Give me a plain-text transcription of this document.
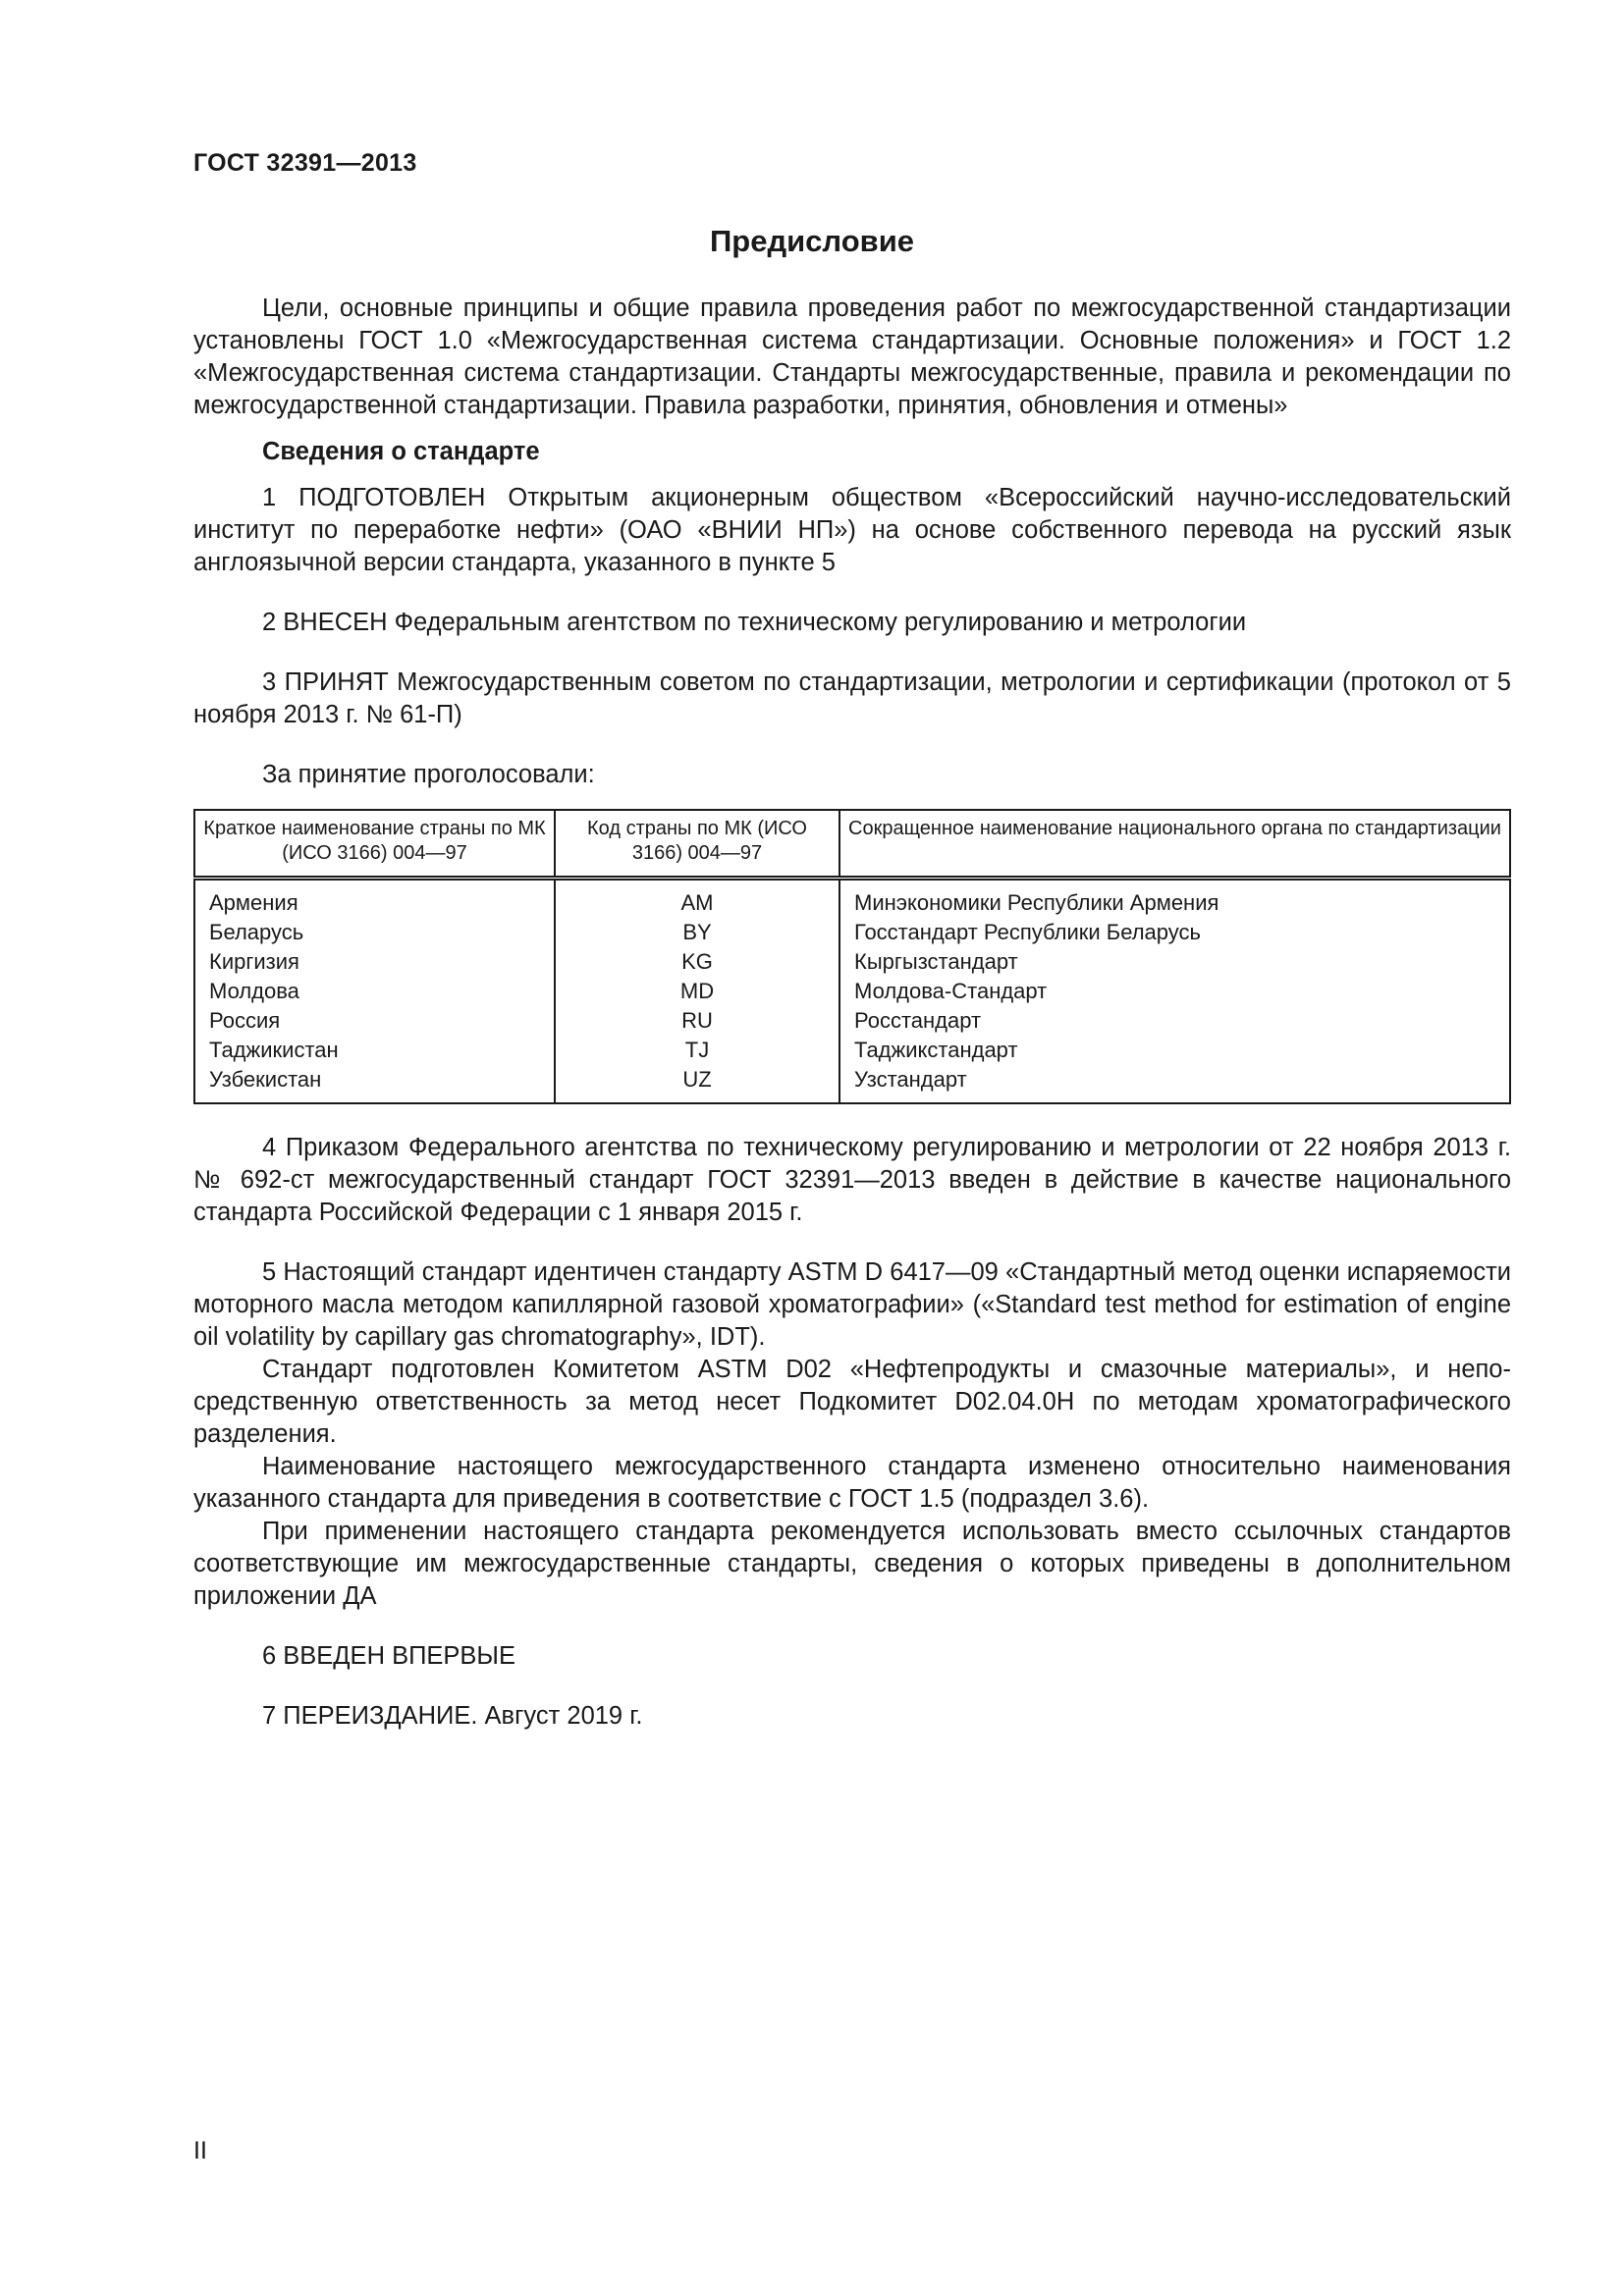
ГОСТ 32391—2013
Предисловие

Цели, основные принципы и общие правила проведения работ по межгосударственной стандартизации установлены ГОСТ 1.0 «Межгосударственная система стандартизации. Основные положения» и ГОСТ 1.2 «Межгосударственная система стандартизации. Стандарты межгосударственные, правила и рекомендации по межгосударственной стандартизации. Правила разработки, принятия, обновления и отмены»

Сведения о стандарте

1 ПОДГОТОВЛЕН Открытым акционерным обществом «Всероссийский научно-исследовательский институт по переработке нефти» (ОАО «ВНИИ НП») на основе собственного перевода на русский язык англоязычной версии стандарта, указанного в пункте 5

2 ВНЕСЕН Федеральным агентством по техническому регулированию и метрологии

3 ПРИНЯТ Межгосударственным советом по стандартизации, метрологии и сертификации (протокол от 5 ноября 2013 г. № 61-П)

За принятие проголосовали:

Краткое наименование страны по МК (ИСО 3166) 004—97	Код страны по МК (ИСО 3166) 004—97	Сокращенное наименование национального органа по стандартизации
Армения	AM	Минэкономики Республики Армения
Беларусь	BY	Госстандарт Республики Беларусь
Киргизия	KG	Кыргызстандарт
Молдова	MD	Молдова-Стандарт
Россия	RU	Росстандарт
Таджикистан	TJ	Таджикстандарт
Узбекистан	UZ	Узстандарт

4 Приказом Федерального агентства по техническому регулированию и метрологии от 22 ноября 2013 г. № 692-ст межгосударственный стандарт ГОСТ 32391—2013 введен в действие в качестве национального стандарта Российской Федерации с 1 января 2015 г.

5 Настоящий стандарт идентичен стандарту ASTM D 6417—09 «Стандартный метод оценки испаряемости моторного масла методом капиллярной газовой хроматографии» («Standard test method for estimation of engine oil volatility by capillary gas chromatography», IDT).

Стандарт подготовлен Комитетом ASTM D02 «Нефтепродукты и смазочные материалы», и непосредственную ответственность за метод несет Подкомитет D02.04.0H по методам хроматографического разделения.

Наименование настоящего межгосударственного стандарта изменено относительно наименования указанного стандарта для приведения в соответствие с ГОСТ 1.5 (подраздел 3.6).

При применении настоящего стандарта рекомендуется использовать вместо ссылочных стандартов соответствующие им межгосударственные стандарты, сведения о которых приведены в дополнительном приложении ДА

6 ВВЕДЕН ВПЕРВЫЕ

7 ПЕРЕИЗДАНИЕ. Август 2019 г.

II
